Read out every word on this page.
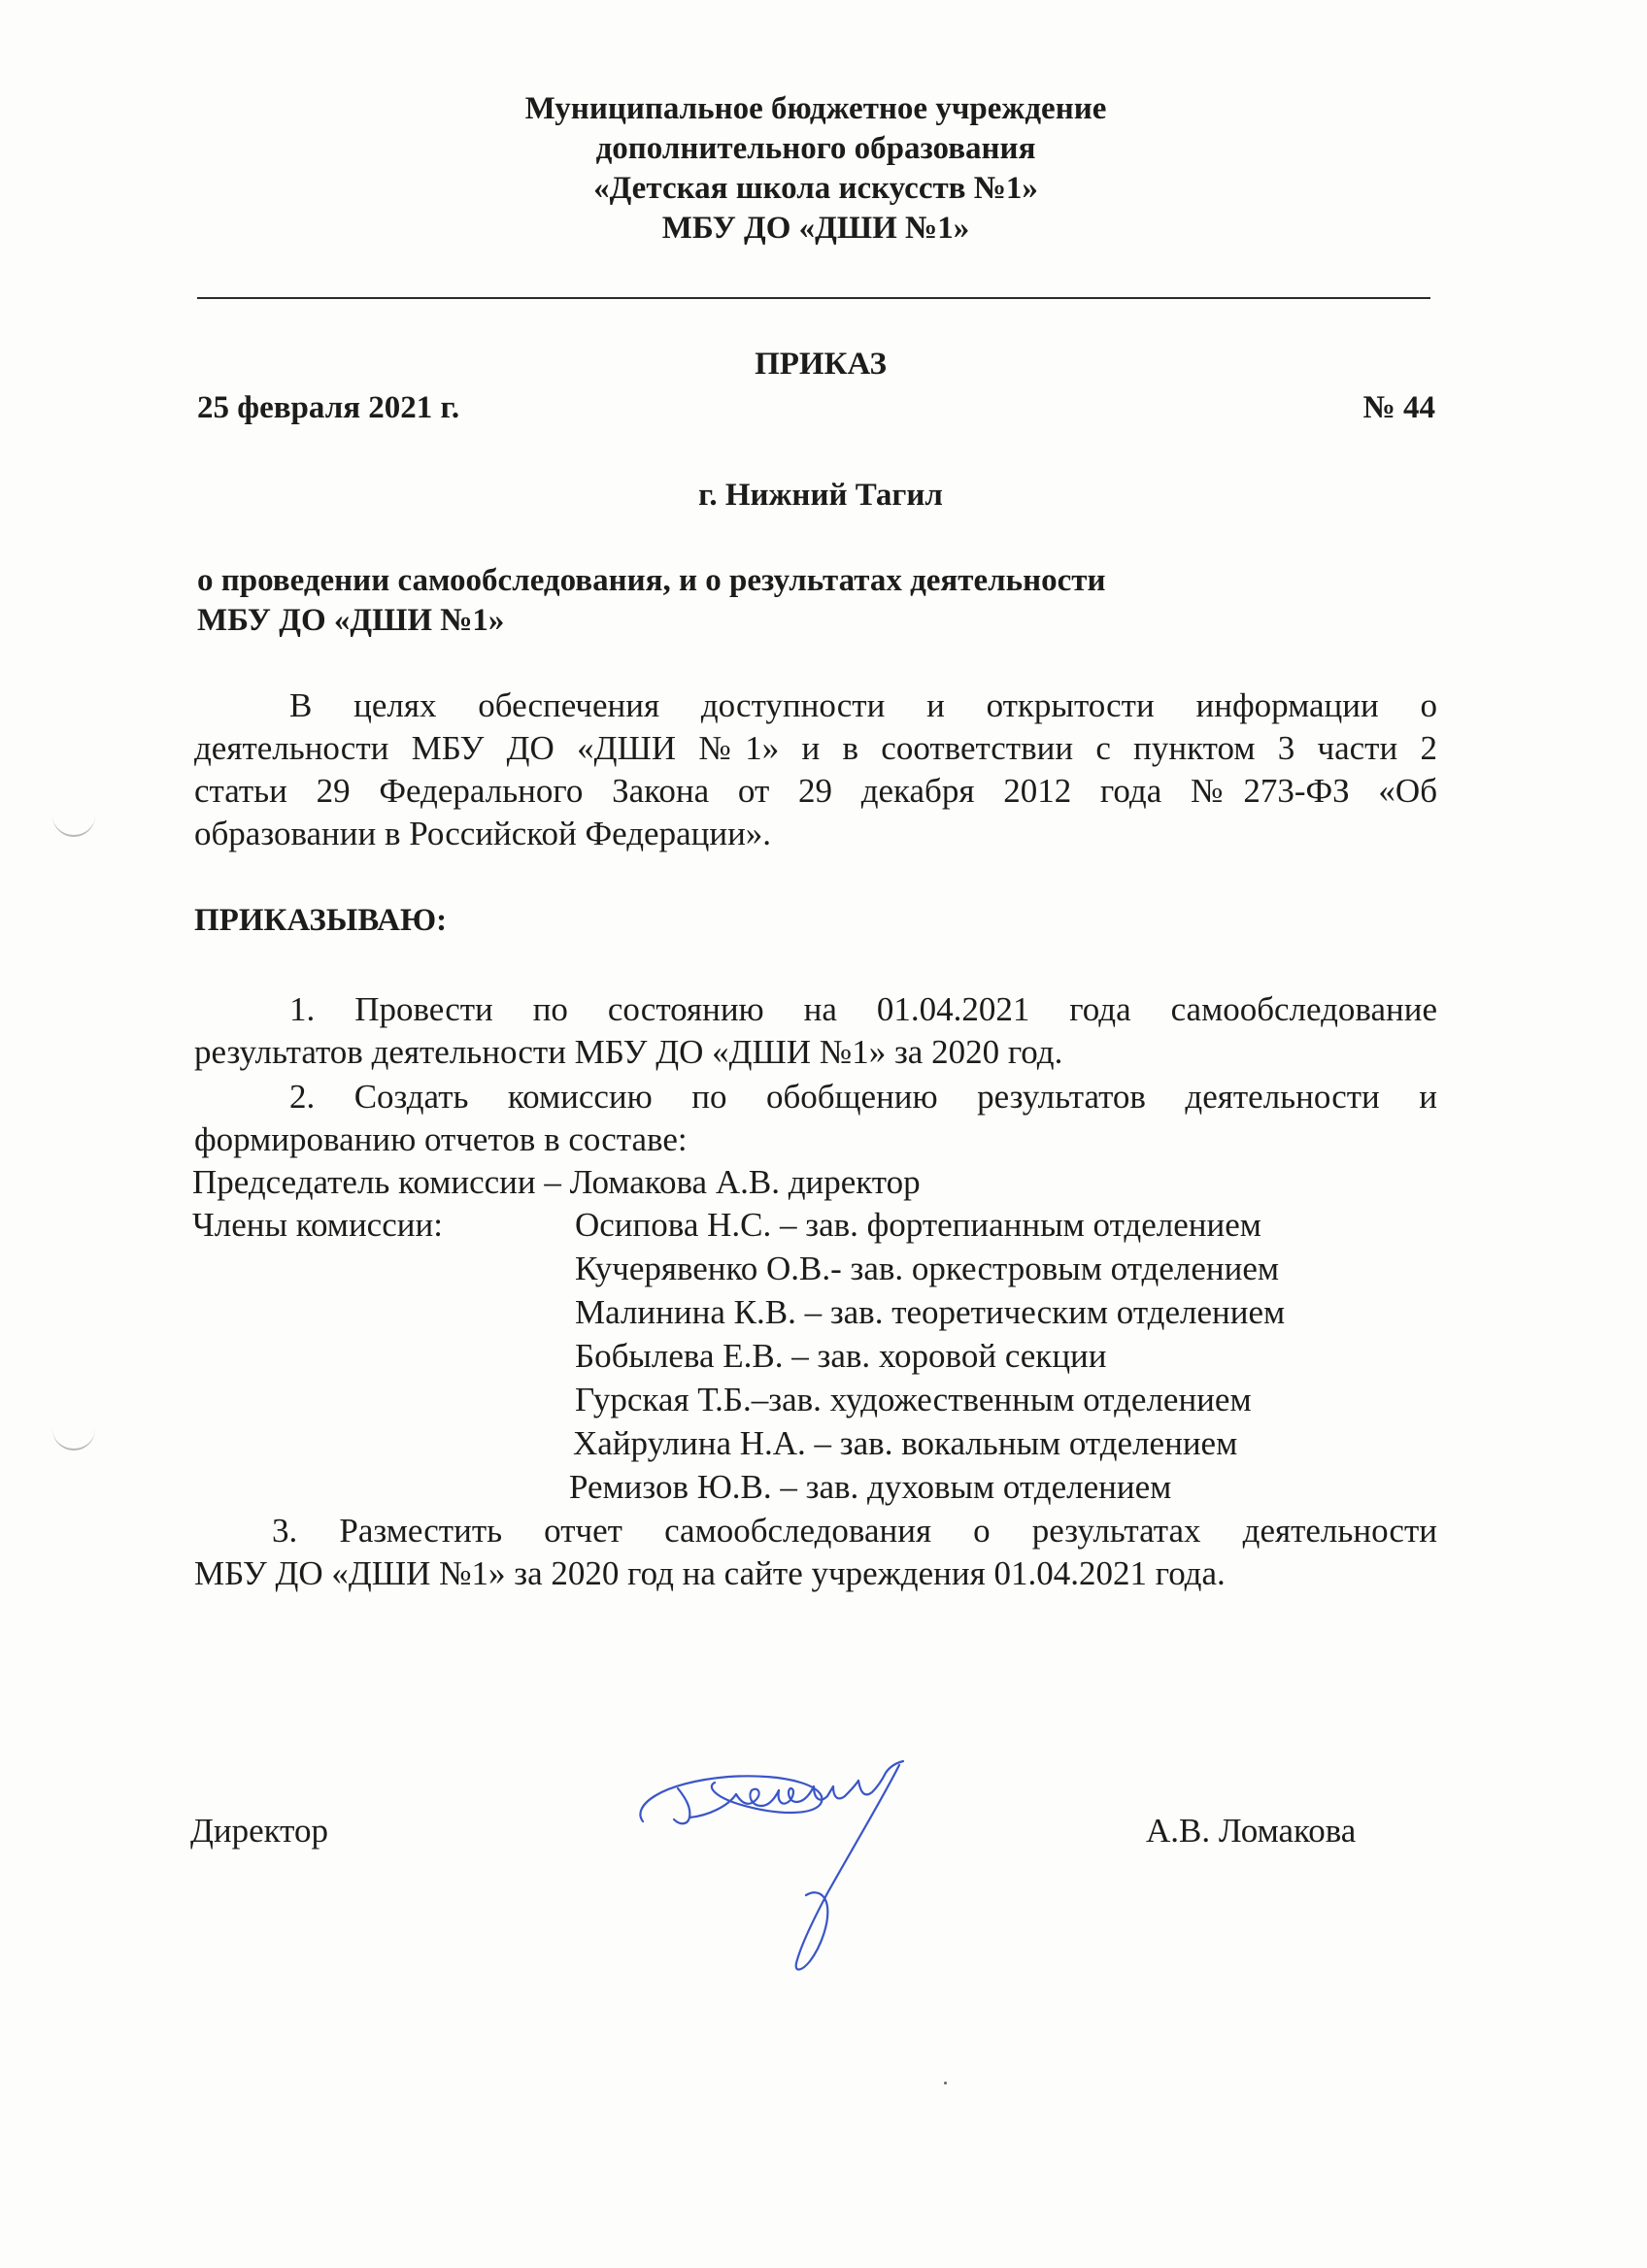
Муниципальное бюджетное учреждение
дополнительного образования
«Детская школа искусств №1»
МБУ ДО «ДШИ №1»
ПРИКАЗ
25 февраля 2021 г.	№ 44
г. Нижний Тагил
о проведении самообследования, и о результатах деятельности
МБУ ДО «ДШИ №1»
В целях обеспечения доступности и открытости информации о
деятельности МБУ ДО «ДШИ №1» и в соответствии с пунктом 3 части 2
статьи 29 Федерального Закона от 29 декабря 2012 года №273-ФЗ «Об
образовании в Российской Федерации».
ПРИКАЗЫВАЮ:
1. Провести по состоянию на 01.04.2021 года самообследование
результатов деятельности МБУ ДО «ДШИ №1» за 2020 год.
2. Создать комиссию по обобщению результатов деятельности и
формированию отчетов в составе:
Председатель комиссии – Ломакова А.В. директор
Члены комиссии:	Осипова Н.С. – зав. фортепианным отделением
Кучерявенко О.В.- зав. оркестровым отделением
Малинина К.В. – зав. теоретическим отделением
Бобылева Е.В. – зав. хоровой секции
Гурская Т.Б.–зав. художественным отделением
Хайрулина Н.А. – зав. вокальным отделением
Ремизов Ю.В. – зав. духовым отделением
3. Разместить отчет самообследования о результатах деятельности
МБУ ДО «ДШИ №1» за 2020 год на сайте учреждения 01.04.2021 года.
Директор	А.В. Ломакова
